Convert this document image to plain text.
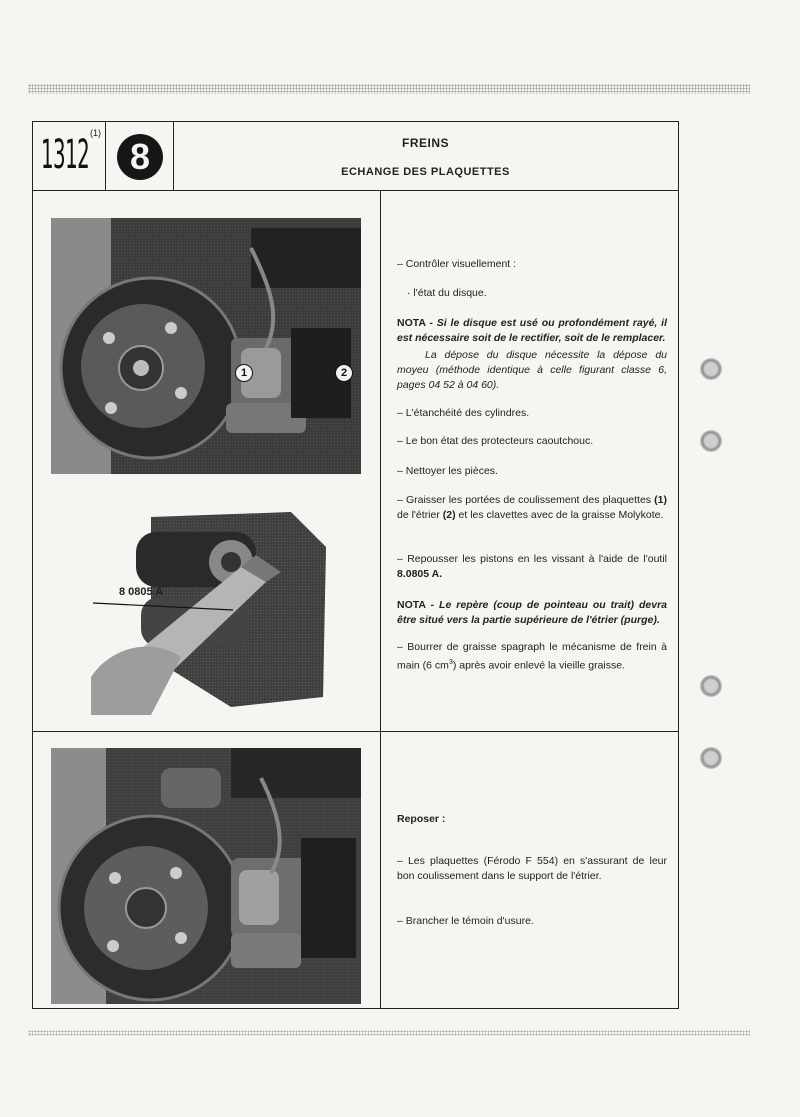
1312 (1)
8	FREINS
ECHANGE DES PLAQUETTES
1	2
8 0805 A

– Contrôler visuellement :

· l'état du disque.

NOTA - Si le disque est usé ou profondément rayé, il est nécessaire soit de le rectifier, soit de le remplacer.

La dépose du disque nécessite la dépose du moyeu (méthode identique à celle figurant classe 6, pages 04 52 à 04 60).

– L'étanchéité des cylindres.

– Le bon état des protecteurs caoutchouc.

– Nettoyer les pièces.

– Graisser les portées de coulissement des plaquettes (1) de l'étrier (2) et les clavettes avec de la graisse Molykote.

– Repousser les pistons en les vissant à l'aide de l'outil 8.0805 A.

NOTA - Le repère (coup de pointeau ou trait) devra être situé vers la partie supérieure de l'étrier (purge).

– Bourrer de graisse spagraph le mécanisme de frein à main (6 $cm^3$) après avoir enlevé la vieille graisse.

Reposer :

– Les plaquettes (Férodo F 554) en s'assurant de leur bon coulissement dans le support de l'étrier.

– Brancher le témoin d'usure.
